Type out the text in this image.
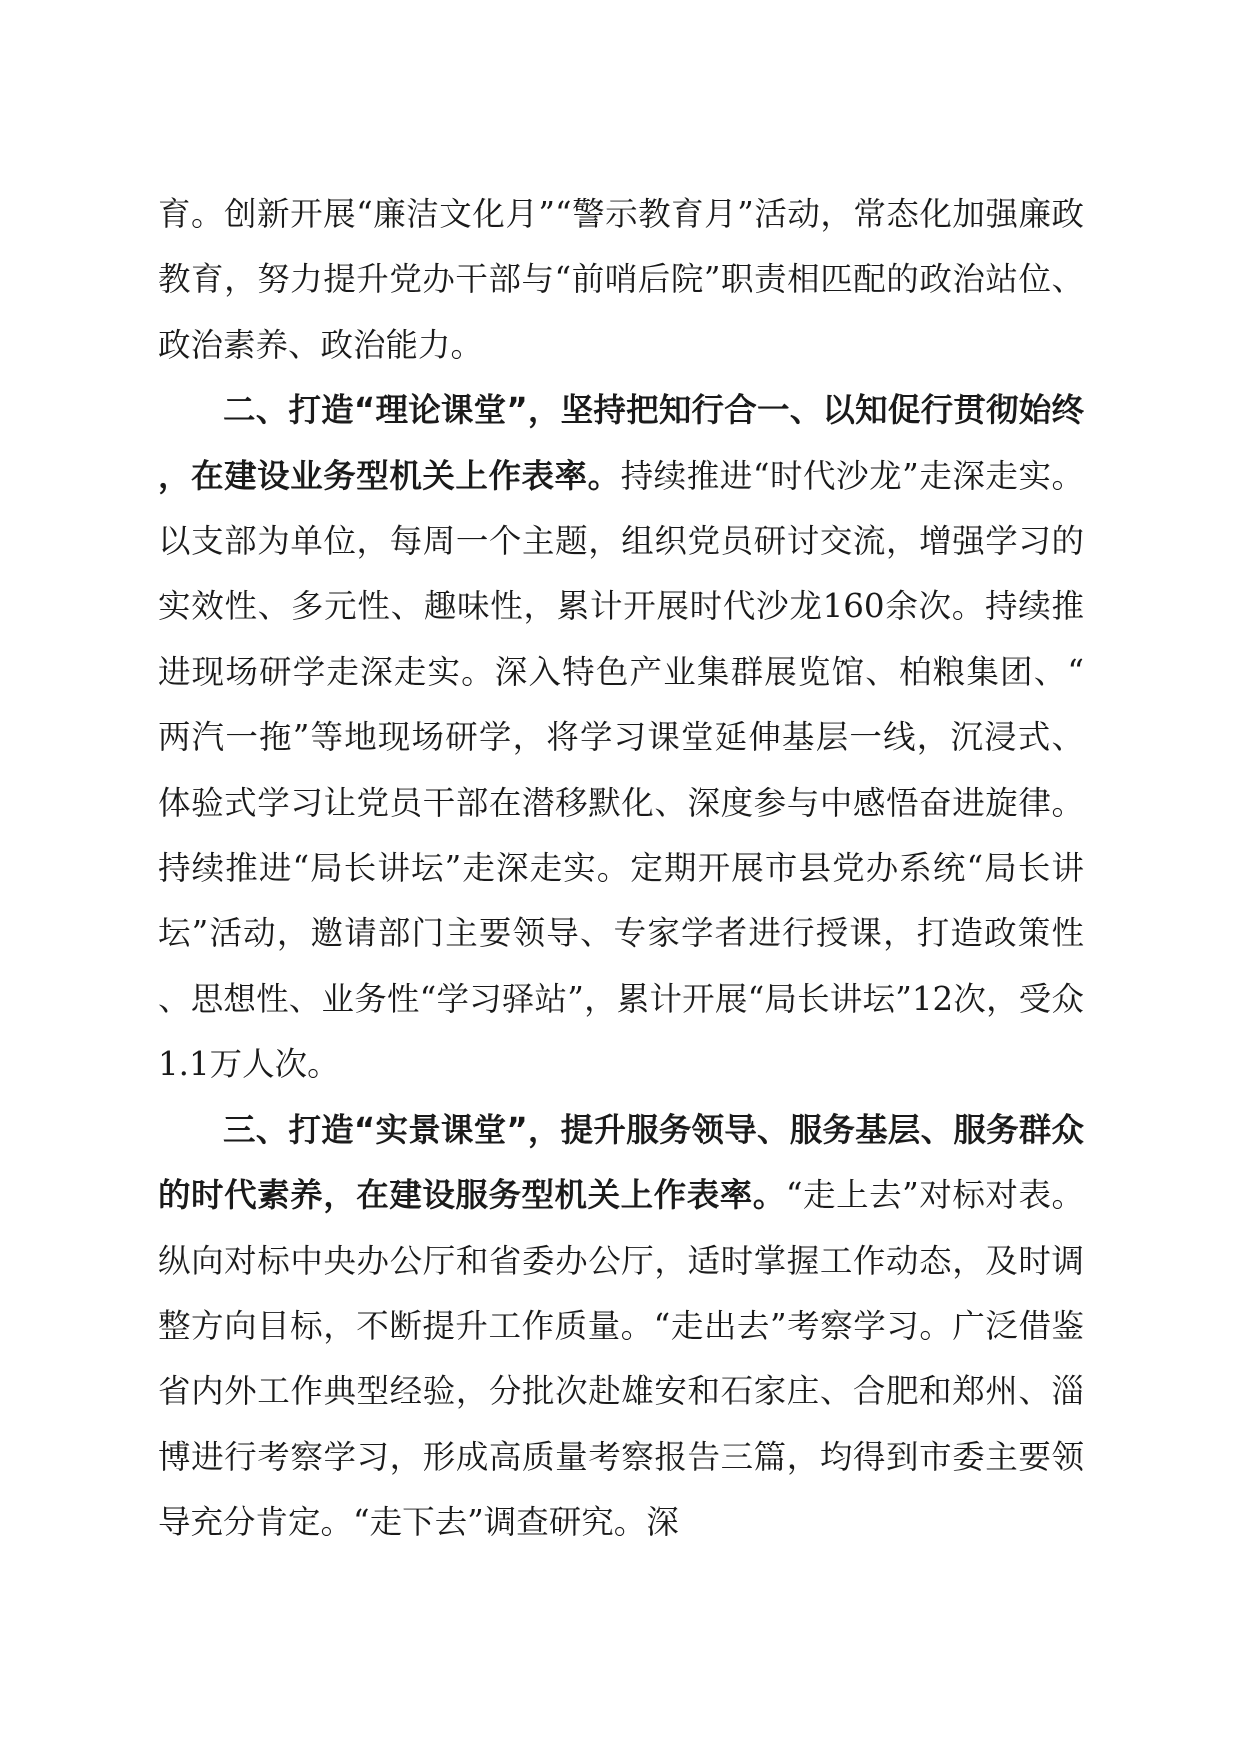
育。创新开展“廉洁文化月”“警示教育月”活动，常态化加强廉政教育，努力提升党办干部与“前哨后院”职责相匹配的政治站位、政治素养、政治能力。

二、打造“理论课堂”，坚持把知行合一、以知促行贯彻始终，在建设业务型机关上作表率。持续推进“时代沙龙”走深走实。以支部为单位，每周一个主题，组织党员研讨交流，增强学习的实效性、多元性、趣味性，累计开展时代沙龙160余次。持续推进现场研学走深走实。深入特色产业集群展览馆、柏粮集团、“两汽一拖”等地现场研学，将学习课堂延伸基层一线，沉浸式、体验式学习让党员干部在潜移默化、深度参与中感悟奋进旋律。持续推进“局长讲坛”走深走实。定期开展市县党办系统“局长讲坛”活动，邀请部门主要领导、专家学者进行授课，打造政策性、思想性、业务性“学习驿站”，累计开展“局长讲坛”12次，受众1.1万人次。

三、打造“实景课堂”，提升服务领导、服务基层、服务群众的时代素养，在建设服务型机关上作表率。“走上去”对标对表。纵向对标中央办公厅和省委办公厅，适时掌握工作动态，及时调整方向目标，不断提升工作质量。“走出去”考察学习。广泛借鉴省内外工作典型经验，分批次赴雄安和石家庄、合肥和郑州、淄博进行考察学习，形成高质量考察报告三篇，均得到市委主要领导充分肯定。“走下去”调查研究。深
